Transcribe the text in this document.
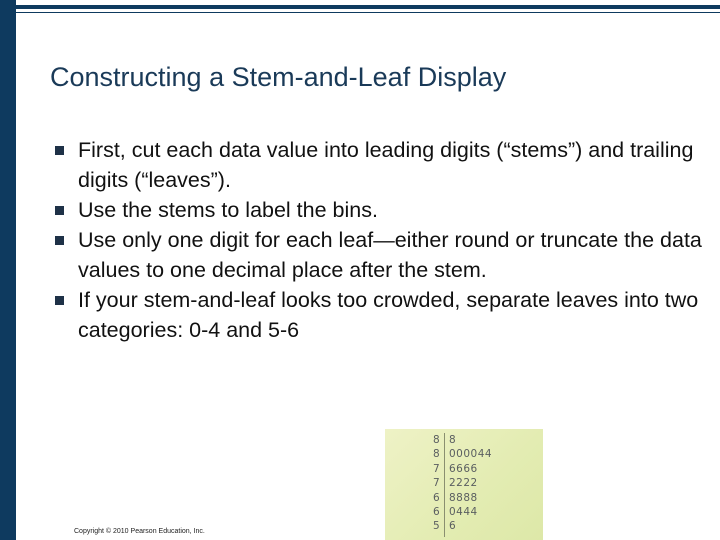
Constructing a Stem-and-Leaf Display
First, cut each data value into leading digits (“stems”) and trailing digits (“leaves”).
Use the stems to label the bins.
Use only one digit for each leaf—either round or truncate the data values to one decimal place after the stem.
If your stem-and-leaf looks too crowded, separate leaves into two categories: 0-4 and 5-6
8
8
7
7
6
6
5
8
000044
6666
2222
8888
0444
6
Copyright © 2010 Pearson Education, Inc.
